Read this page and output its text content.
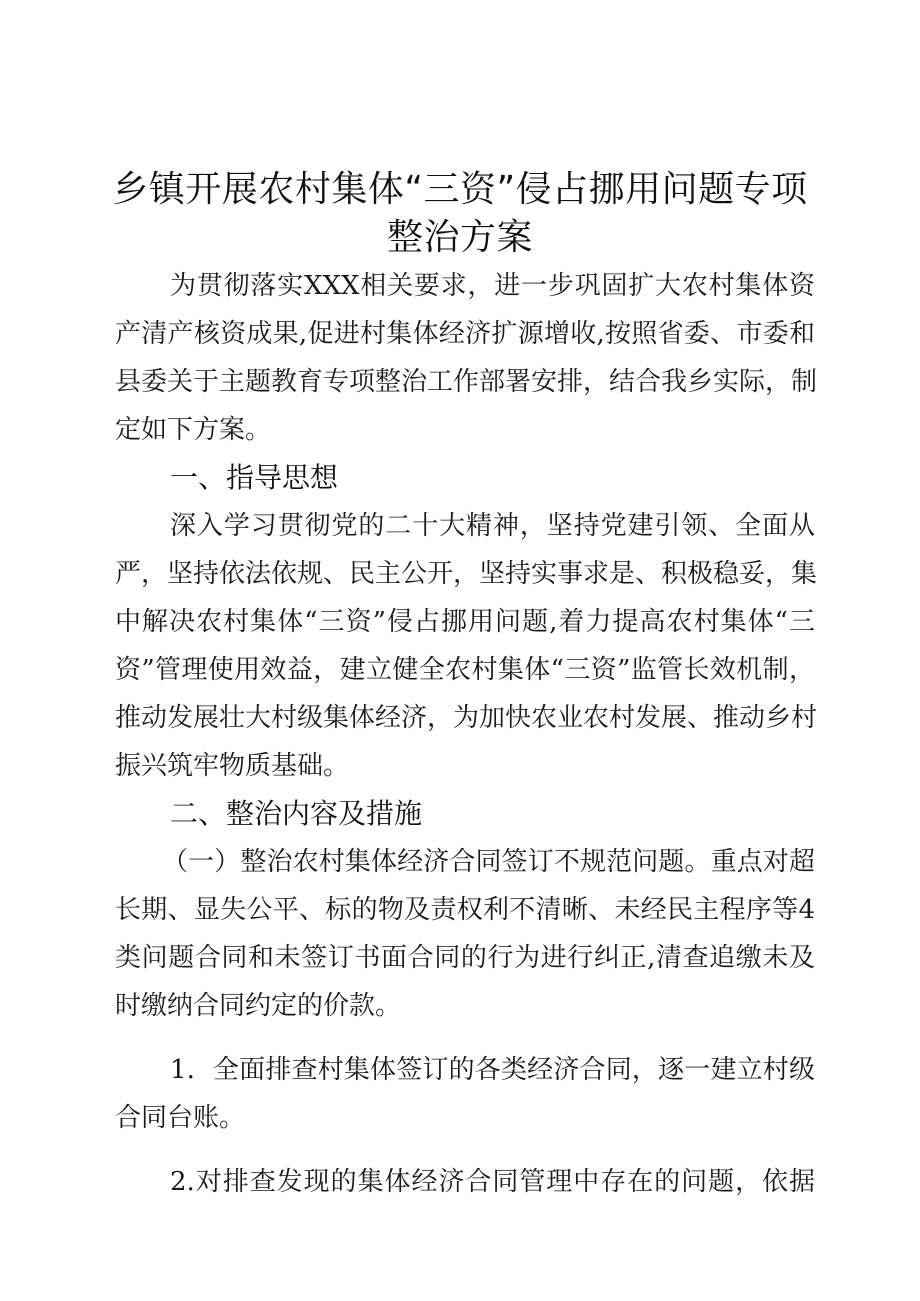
乡镇开展农村集体“三资”侵占挪用问题专项
整治方案

为贯彻落实XXX相关要求，进一步巩固扩大农村集体资

产清产核资成果,促进村集体经济扩源增收,按照省委、市委和

县委关于主题教育专项整治工作部署安排，结合我乡实际，制

定如下方案。

一、指导思想

深入学习贯彻党的二十大精神，坚持党建引领、全面从

严，坚持依法依规、民主公开，坚持实事求是、积极稳妥，集

中解决农村集体“三资”侵占挪用问题,着力提高农村集体“三

资”管理使用效益，建立健全农村集体“三资”监管长效机制，

推动发展壮大村级集体经济，为加快农业农村发展、推动乡村

振兴筑牢物质基础。

二、整治内容及措施

（一）整治农村集体经济合同签订不规范问题。重点对超

长期、显失公平、标的物及责权利不清晰、未经民主程序等4

类问题合同和未签订书面合同的行为进行纠正,清查追缴未及

时缴纳合同约定的价款。

1．全面排查村集体签订的各类经济合同，逐一建立村级

合同台账。

2.对排查发现的集体经济合同管理中存在的问题，依据
